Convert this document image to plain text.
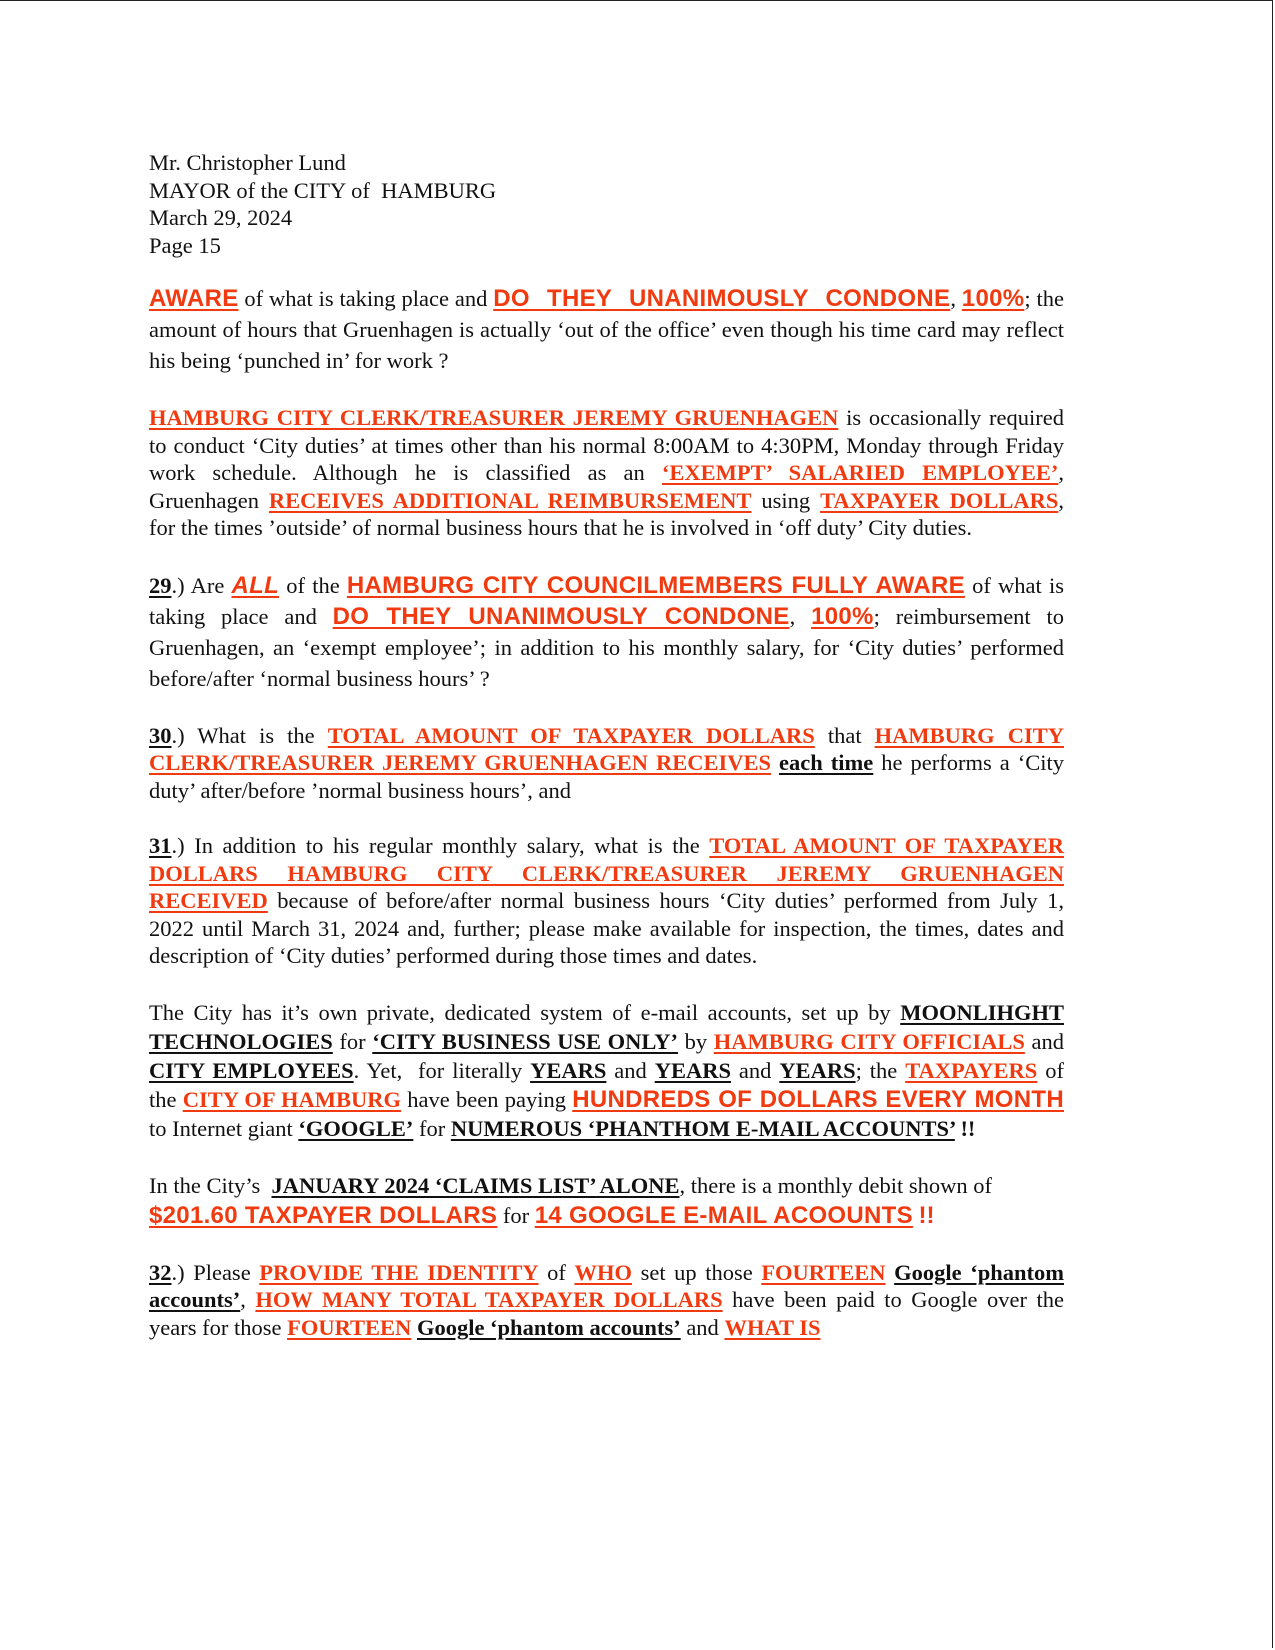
Mr. Christopher Lund

MAYOR of the CITY of  HAMBURG

March 29, 2024

Page 15

AWARE of what is taking place and DO THEY UNANIMOUSLY CONDONE, 100%; the amount of hours that Gruenhagen is actually ‘out of the office’ even though his time card may reflect his being ‘punched in’ for work ?

HAMBURG CITY CLERK/TREASURER JEREMY GRUENHAGEN is occasionally required to conduct ‘City duties’ at times other than his normal 8:00AM to 4:30PM, Monday through Friday work schedule. Although he is classified as an ‘EXEMPT’ SALARIED EMPLOYEE’, Gruenhagen RECEIVES ADDITIONAL REIMBURSEMENT using TAXPAYER DOLLARS, for the times ’outside’ of normal business hours that he is involved in ‘off duty’ City duties.

29.) Are ALL of the HAMBURG CITY COUNCILMEMBERS FULLY AWARE of what is taking place and DO THEY UNANIMOUSLY CONDONE, 100%; reimbursement to Gruenhagen, an ‘exempt employee’; in addition to his monthly salary, for ‘City duties’ performed before/after ‘normal business hours’ ?

30.) What is the TOTAL AMOUNT OF TAXPAYER DOLLARS that HAMBURG CITY CLERK/TREASURER JEREMY GRUENHAGEN RECEIVES each time he performs a ‘City duty’ after/before ’normal business hours’, and

31.) In addition to his regular monthly salary, what is the TOTAL AMOUNT OF TAXPAYER DOLLARS HAMBURG CITY CLERK/TREASURER JEREMY GRUENHAGEN RECEIVED because of before/after normal business hours ‘City duties’ performed from July 1, 2022 until March 31, 2024 and, further; please make available for inspection, the times, dates and description of ‘City duties’ performed during those times and dates.

The City has it’s own private, dedicated system of e-mail accounts, set up by MOONLIHGHT TECHNOLOGIES for ‘CITY BUSINESS USE ONLY’ by HAMBURG CITY OFFICIALS and CITY EMPLOYEES. Yet,  for literally YEARS and YEARS and YEARS; the TAXPAYERS of the CITY OF HAMBURG have been paying HUNDREDS OF DOLLARS EVERY MONTH to Internet giant ‘GOOGLE’ for NUMEROUS ‘PHANTHOM E-MAIL ACCOUNTS’ !!

In the City’s  JANUARY 2024 ‘CLAIMS LIST’ ALONE, there is a monthly debit shown of
$201.60 TAXPAYER DOLLARS for 14 GOOGLE E-MAIL ACOOUNTS !!

32.) Please PROVIDE THE IDENTITY of WHO set up those FOURTEEN Google ‘phantom accounts’, HOW MANY TOTAL TAXPAYER DOLLARS have been paid to Google over the years for those FOURTEEN Google ‘phantom accounts’ and WHAT IS
